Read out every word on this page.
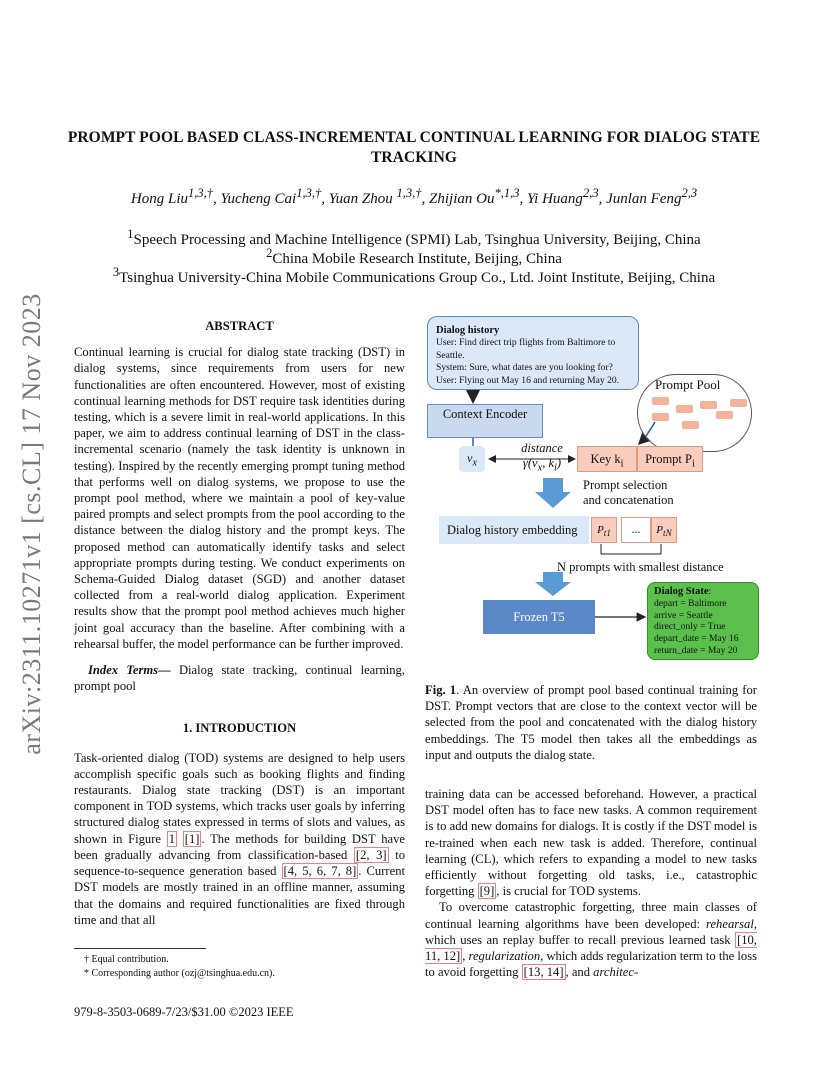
arXiv:2311.10271v1 [cs.CL] 17 Nov 2023
PROMPT POOL BASED CLASS-INCREMENTAL CONTINUAL LEARNING FOR DIALOG STATE TRACKING
Hong Liu$^{1,3,\dagger}$, Yucheng Cai$^{1,3,\dagger}$, Yuan Zhou $^{1,3,\dagger}$, Zhijian $Ou^{*,1,3}$, Yi Huang$^{2,3}$, Junlan Feng$^{2,3}$
$^1$Speech Processing and Machine Intelligence (SPMI) Lab, Tsinghua University, Beijing, China
$^2$China Mobile Research Institute, Beijing, China
$^3$Tsinghua University-China Mobile Communications Group Co., Ltd. Joint Institute, Beijing, China
ABSTRACT

Continual learning is crucial for dialog state tracking (DST) in dialog systems, since requirements from users for new functionalities are often encountered. However, most of existing continual learning methods for DST require task identities during testing, which is a severe limit in real-world applications. In this paper, we aim to address continual learning of DST in the class-incremental scenario (namely the task identity is unknown in testing). Inspired by the recently emerging prompt tuning method that performs well on dialog systems, we propose to use the prompt pool method, where we maintain a pool of key-value paired prompts and select prompts from the pool according to the distance between the dialog history and the prompt keys. The proposed method can automatically identify tasks and select appropriate prompts during testing. We conduct experiments on Schema-Guided Dialog dataset (SGD) and another dataset collected from a real-world dialog application. Experiment results show that the prompt pool method achieves much higher joint goal accuracy than the baseline. After combining with a rehearsal buffer, the model performance can be further improved.

Index Terms— Dialog state tracking, continual learning, prompt pool

1. INTRODUCTION

Task-oriented dialog (TOD) systems are designed to help users accomplish specific goals such as booking flights and finding restaurants. Dialog state tracking (DST) is an important component in TOD systems, which tracks user goals by inferring structured dialog states expressed in terms of slots and values, as shown in Figure 1 [1] . The methods for building DST have been gradually advancing from classification-based [2, 3] to sequence-to-sequence generation based [4, 5, 6, 7, 8] . Current DST models are mostly trained in an offline manner, assuming that the domains and required functionalities are fixed through time and that all

† Equal contribution.
* Corresponding author (ozj@tsinghua.edu.cn).
979-8-3503-0689-7/23/$31.00 ©2023 IEEE
Dialog history
User: Find direct trip flights from Baltimore to Seattle.
System: Sure, what dates are you looking for?
User: Flying out May 16 and returning May 20.	Prompt Pool
Context Encoder
$v_x$
distance
$\gamma(v_x$, $k_i$)	Key $k_i$	Prompt $P_i$
Prompt selection
and concatenation
Dialog history embedding	$P_{t1}$	...	$P_{tN}$
N prompts with smallest distance
Frozen T5
Dialog State:
depart = Baltimore
arrive = Seattle
direct_only = True
depart_date = May 16
return_date = May 20
Fig. 1. An overview of prompt pool based continual training for DST. Prompt vectors that are close to the context vector will be selected from the pool and concatenated with the dialog history embeddings. The T5 model then takes all the embeddings as input and outputs the dialog state.

training data can be accessed beforehand. However, a practical DST model often has to face new tasks. A common requirement is to add new domains for dialogs. It is costly if the DST model is re-trained when each new task is added. Therefore, continual learning (CL), which refers to expanding a model to new tasks efficiently without forgetting old tasks, i.e., catastrophic forgetting [9] , is crucial for TOD systems.

To overcome catastrophic forgetting, three main classes of continual learning algorithms have been developed: rehearsal, which uses an replay buffer to recall previous learned task [10, 11, 12] , regularization, which adds regularization term to the loss to avoid forgetting [13, 14] , and architec-
